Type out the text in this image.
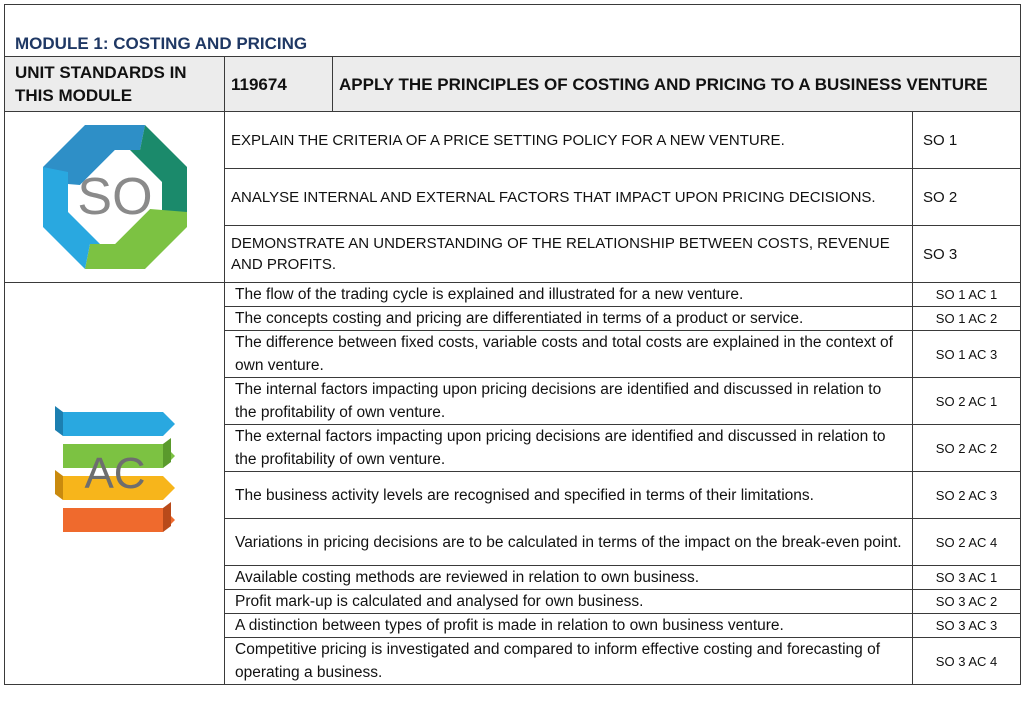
MODULE 1: COSTING AND PRICING			
UNIT STANDARDS IN THIS MODULE	119674	APPLY THE PRINCIPLES OF COSTING AND PRICING TO A BUSINESS VENTURE	

SO	EXPLAIN THE CRITERIA OF A PRICE SETTING POLICY FOR A NEW VENTURE.		SO 1
	ANALYSE INTERNAL AND EXTERNAL FACTORS THAT IMPACT UPON PRICING DECISIONS.		SO 2
	DEMONSTRATE AN UNDERSTANDING OF THE RELATIONSHIP BETWEEN COSTS, REVENUE AND PROFITS.		SO 3

AC	The flow of the trading cycle is explained and illustrated for a new venture.		SO 1 AC 1
	The concepts costing and pricing are differentiated in terms of a product or service.		SO 1 AC 2
	The difference between fixed costs, variable costs and total costs are explained in the context of own venture.		SO 1 AC 3
	The internal factors impacting upon pricing decisions are identified and discussed in relation to the profitability of own venture.		SO 2 AC 1
	The external factors impacting upon pricing decisions are identified and discussed in relation to the profitability of own venture.		SO 2 AC 2
	The business activity levels are recognised and specified in terms of their limitations.		SO 2 AC 3
	Variations in pricing decisions are to be calculated in terms of the impact on the break-even point.		SO 2 AC 4
	Available costing methods are reviewed in relation to own business.		SO 3 AC 1
	Profit mark-up is calculated and analysed for own business.		SO 3 AC 2
	A distinction between types of profit is made in relation to own business venture.		SO 3 AC 3
	Competitive pricing is investigated and compared to inform effective costing and forecasting of operating a business.		SO 3 AC 4
